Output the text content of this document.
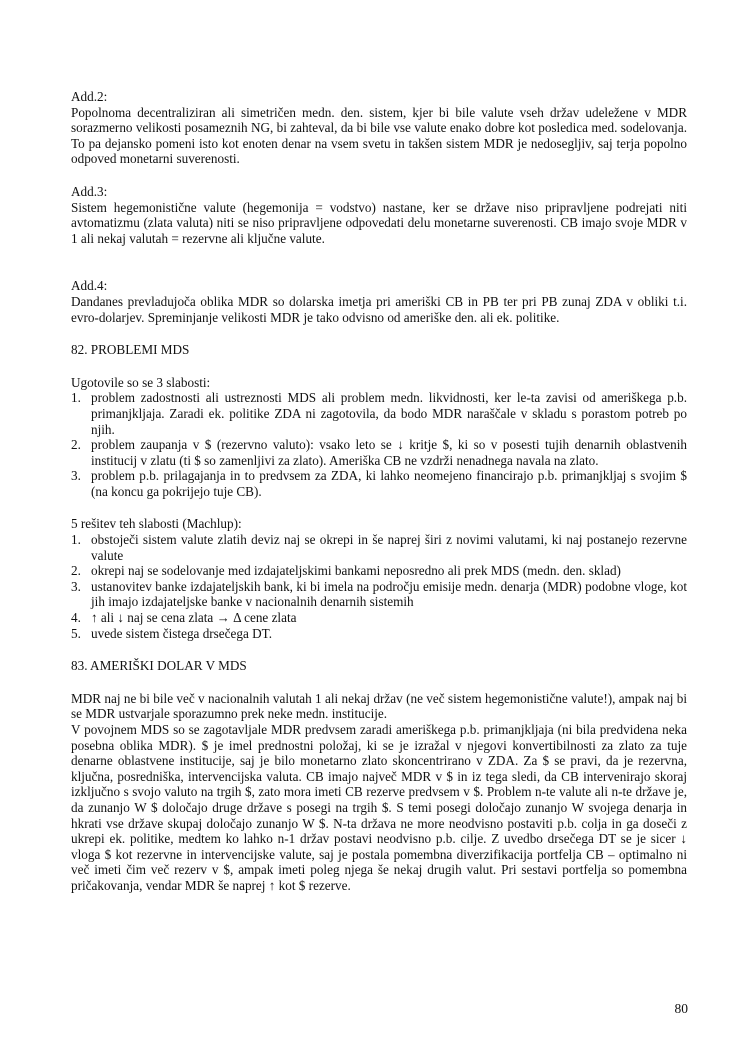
Add.2:

Popolnoma decentraliziran ali simetričen medn. den. sistem, kjer bi bile valute vseh držav udeležene v MDR sorazmerno velikosti posameznih NG, bi zahteval, da bi bile vse valute enako dobre kot posledica med. sodelovanja. To pa dejansko pomeni isto kot enoten denar na vsem svetu in takšen sistem MDR je nedosegljiv, saj terja popolno odpoved monetarni suverenosti.

Add.3:

Sistem hegemonistične valute (hegemonija = vodstvo) nastane, ker se države niso pripravljene podrejati niti avtomatizmu (zlata valuta) niti se niso pripravljene odpovedati delu monetarne suverenosti. CB imajo svoje MDR v 1 ali nekaj valutah = rezervne ali ključne valute.

Add.4:

Dandanes prevladujoča oblika MDR so dolarska imetja pri ameriški CB in PB ter pri PB zunaj ZDA v obliki t.i. evro-dolarjev. Spreminjanje velikosti MDR je tako odvisno od ameriške den. ali ek. politike.

82. PROBLEMI MDS

Ugotovile so se 3 slabosti:

1. problem zadostnosti ali ustreznosti MDS ali problem medn. likvidnosti, ker le-ta zavisi od ameriškega p.b. primanjkljaja. Zaradi ek. politike ZDA ni zagotovila, da bodo MDR naraščale v skladu s porastom potreb po njih.
2. problem zaupanja v $ (rezervno valuto): vsako leto se ↓ kritje $, ki so v posesti tujih denarnih oblastvenih institucij v zlatu (ti $ so zamenljivi za zlato). Ameriška CB ne vzdrži nenadnega navala na zlato.
3. problem p.b. prilagajanja in to predvsem za ZDA, ki lahko neomejeno financirajo p.b. primanjkljaj s svojim $ (na koncu ga pokrijejo tuje CB).

5 rešitev teh slabosti (Machlup):

1. obstoječi sistem valute zlatih deviz naj se okrepi in še naprej širi z novimi valutami, ki naj postanejo rezervne valute
2. okrepi naj se sodelovanje med izdajateljskimi bankami neposredno ali prek MDS (medn. den. sklad)
3. ustanovitev banke izdajateljskih bank, ki bi imela na področju emisije medn. denarja (MDR) podobne vloge, kot jih imajo izdajateljske banke v nacionalnih denarnih sistemih
4. ↑ ali ↓ naj se cena zlata → Δ cene zlata
5. uvede sistem čistega drsečega DT.

83. AMERIŠKI DOLAR V MDS

MDR naj ne bi bile več v nacionalnih valutah 1 ali nekaj držav (ne več sistem hegemonistične valute!), ampak naj bi se MDR ustvarjale sporazumno prek neke medn. institucije.

V povojnem MDS so se zagotavljale MDR predvsem zaradi ameriškega p.b. primanjkljaja (ni bila predvidena neka posebna oblika MDR). $ je imel prednostni položaj, ki se je izražal v njegovi konvertibilnosti za zlato za tuje denarne oblastvene institucije, saj je bilo monetarno zlato skoncentrirano v ZDA. Za $ se pravi, da je rezervna, ključna, posredniška, intervencijska valuta. CB imajo največ MDR v $ in iz tega sledi, da CB intervenirajo skoraj izključno s svojo valuto na trgih $, zato mora imeti CB rezerve predvsem v $. Problem n-te valute ali n-te države je, da zunanjo W $ določajo druge države s posegi na trgih $. S temi posegi določajo zunanjo W svojega denarja in hkrati vse države skupaj določajo zunanjo W $. N-ta država ne more neodvisno postaviti p.b. colja in ga doseči z ukrepi ek. politike, medtem ko lahko n-1 držav postavi neodvisno p.b. cilje. Z uvedbo drsečega DT se je sicer ↓ vloga $ kot rezervne in intervencijske valute, saj je postala pomembna diverzifikacija portfelja CB – optimalno ni več imeti čim več rezerv v $, ampak imeti poleg njega še nekaj drugih valut. Pri sestavi portfelja so pomembna pričakovanja, vendar MDR še naprej ↑ kot $ rezerve.

80
